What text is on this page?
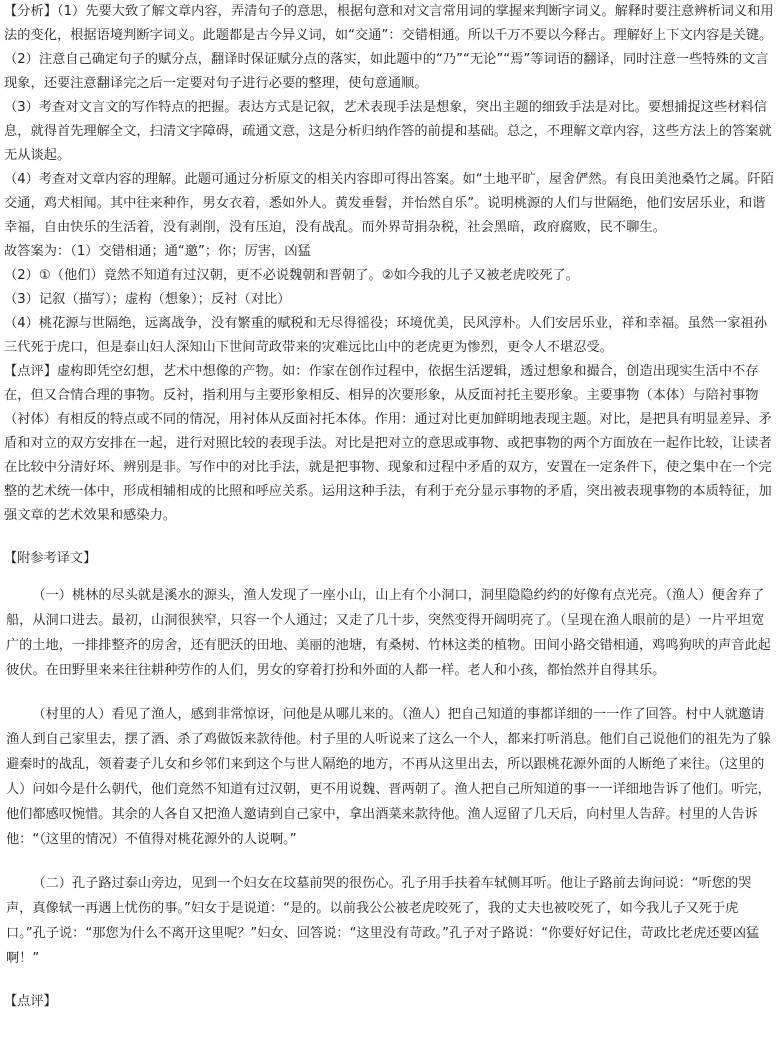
【分析】（1）先要大致了解文章内容，弄清句子的意思，根据句意和对文言常用词的掌握来判断字词义。解释时要注意辨析词义和用法的变化，根据语境判断字词义。此题都是古今异义词，如“交通”：交错相通。所以千万不要以今释古。理解好上下文内容是关键。

（2）注意自己确定句子的赋分点，翻译时保证赋分点的落实，如此题中的“乃”“无论”“焉”等词语的翻译，同时注意一些特殊的文言现象，还要注意翻译完之后一定要对句子进行必要的整理，使句意通顺。

（3）考查对文言文的写作特点的把握。表达方式是记叙，艺术表现手法是想象，突出主题的细致手法是对比。要想捕捉这些材料信息，就得首先理解全文，扫清文字障碍，疏通文意，这是分析归纳作答的前提和基础。总之，不理解文章内容，这些方法上的答案就无从谈起。

（4）考查对文章内容的理解。此题可通过分析原文的相关内容即可得出答案。如“土地平旷，屋舍俨然。有良田美池桑竹之属。阡陌交通，鸡犬相闻。其中往来种作，男女衣着，悉如外人。黄发垂髫，并怡然自乐”。说明桃源的人们与世隔绝，他们安居乐业，和谐幸福，自由快乐的生活着，没有剥削，没有压迫，没有战乱。而外界苛捐杂税，社会黑暗，政府腐败，民不聊生。

故答案为：（1）交错相通；通“邀”；你；厉害，凶猛

（2）①（他们）竟然不知道有过汉朝，更不必说魏朝和晋朝了。②如今我的儿子又被老虎咬死了。

（3）记叙（描写）；虚构（想象）；反衬（对比）

（4）桃花源与世隔绝，远离战争，没有繁重的赋税和无尽得徭役；环境优美，民风淳朴。人们安居乐业，祥和幸福。虽然一家祖孙三代死于虎口，但是泰山妇人深知山下世间苛政带来的灾难远比山中的老虎更为惨烈，更令人不堪忍受。

【点评】虚构即凭空幻想，艺术中想像的产物。如：作家在创作过程中，依据生活逻辑，透过想象和撮合，创造出现实生活中不存在，但又合情合理的事物。反衬，指利用与主要形象相反、相异的次要形象，从反面衬托主要形象。主要事物（本体）与陪衬事物（衬体）有相反的特点或不同的情况，用衬体从反面衬托本体。作用：通过对比更加鲜明地表现主题。对比，是把具有明显差异、矛盾和对立的双方安排在一起，进行对照比较的表现手法。对比是把对立的意思或事物、或把事物的两个方面放在一起作比较，让读者在比较中分清好坏、辨别是非。写作中的对比手法，就是把事物、现象和过程中矛盾的双方，安置在一定条件下，使之集中在一个完整的艺术统一体中，形成相辅相成的比照和呼应关系。运用这种手法，有利于充分显示事物的矛盾，突出被表现事物的本质特征，加强文章的艺术效果和感染力。

【附参考译文】

（一）桃林的尽头就是溪水的源头，渔人发现了一座小山，山上有个小洞口，洞里隐隐约约的好像有点光亮。（渔人）便舍弃了船，从洞口进去。最初，山洞很狭窄，只容一个人通过；又走了几十步，突然变得开阔明亮了。（呈现在渔人眼前的是）一片平坦宽广的土地，一排排整齐的房舍，还有肥沃的田地、美丽的池塘，有桑树、竹林这类的植物。田间小路交错相通，鸡鸣狗吠的声音此起彼伏。在田野里来来往往耕种劳作的人们，男女的穿着打扮和外面的人都一样。老人和小孩，都怡然并自得其乐。

（村里的人）看见了渔人，感到非常惊讶，问他是从哪儿来的。（渔人）把自己知道的事都详细的一一作了回答。村中人就邀请渔人到自己家里去，摆了酒、杀了鸡做饭来款待他。村子里的人听说来了这么一个人，都来打听消息。他们自己说他们的祖先为了躲避秦时的战乱，领着妻子儿女和乡邻们来到这个与世人隔绝的地方，不再从这里出去，所以跟桃花源外面的人断绝了来往。（这里的人）问如今是什么朝代，他们竟然不知道有过汉朝，更不用说魏、晋两朝了。渔人把自己所知道的事一一详细地告诉了他们。听完，他们都感叹惋惜。其余的人各自又把渔人邀请到自己家中，拿出酒菜来款待他。渔人逗留了几天后，向村里人告辞。村里的人告诉他：“（这里的情况）不值得对桃花源外的人说啊。”

（二）孔子路过泰山旁边，见到一个妇女在坟墓前哭的很伤心。孔子用手扶着车轼侧耳听。他让子路前去询问说：“听您的哭声，真像轼一再遇上忧伤的事。”妇女于是说道：“是的。以前我公公被老虎咬死了，我的丈夫也被咬死了，如今我儿子又死于虎口。”孔子说：“那您为什么不离开这里呢？”妇女、回答说：“这里没有苛政。”孔子对子路说：“你要好好记住，苛政比老虎还要凶猛啊！”

【点评】
